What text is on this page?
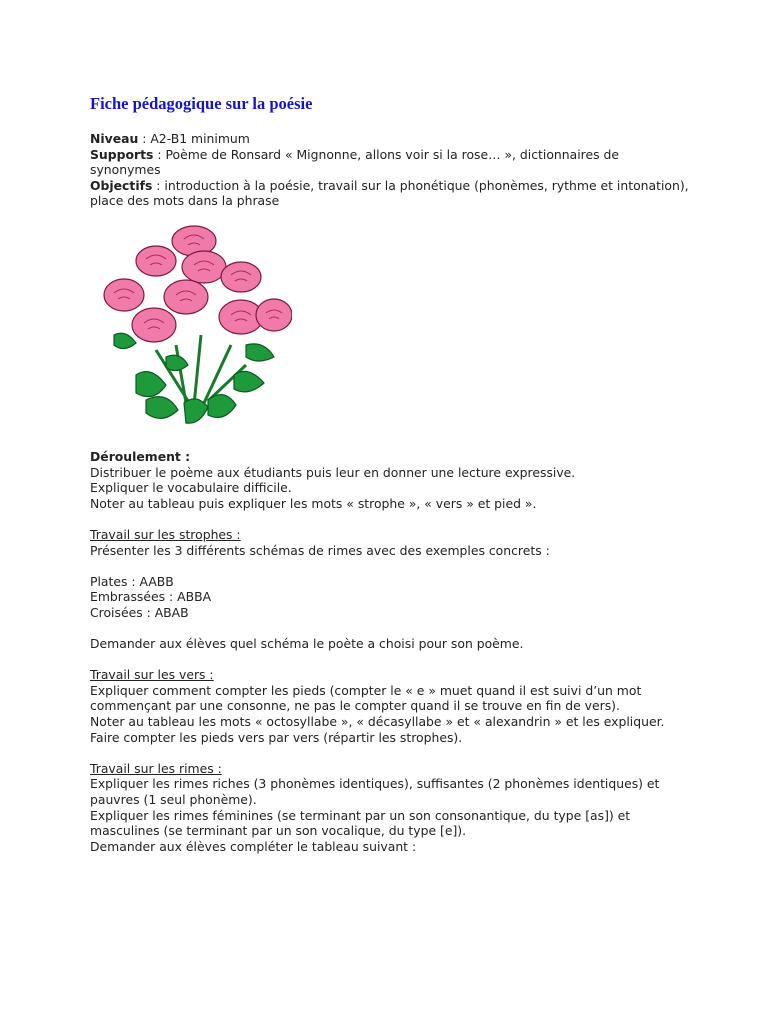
Fiche pédagogique sur la poésie

Niveau : A2-B1 minimum

Supports : Poème de Ronsard « Mignonne, allons voir si la rose… », dictionnaires de synonymes

Objectifs : introduction à la poésie, travail sur la phonétique (phonèmes, rythme et intonation), place des mots dans la phrase

Déroulement :

Distribuer le poème aux étudiants puis leur en donner une lecture expressive.

Expliquer le vocabulaire difficile.

Noter au tableau puis expliquer les mots « strophe », « vers » et pied ».

Travail sur les strophes :

Présenter les 3 différents schémas de rimes avec des exemples concrets :

Plates : AABB

Embrassées : ABBA

Croisées : ABAB

Demander aux élèves quel schéma le poète a choisi pour son poème.

Travail sur les vers :

Expliquer comment compter les pieds (compter le « e » muet quand il est suivi d’un mot commençant par une consonne, ne pas le compter quand il se trouve en fin de vers).

Noter au tableau les mots « octosyllabe », « décasyllabe » et « alexandrin » et les expliquer.

Faire compter les pieds vers par vers (répartir les strophes).

Travail sur les rimes :

Expliquer les rimes riches (3 phonèmes identiques), suffisantes (2 phonèmes identiques) et pauvres (1 seul phonème).

Expliquer les rimes féminines (se terminant par un son consonantique, du type [as]) et masculines (se terminant par un son vocalique, du type [e]).

Demander aux élèves compléter le tableau suivant :
